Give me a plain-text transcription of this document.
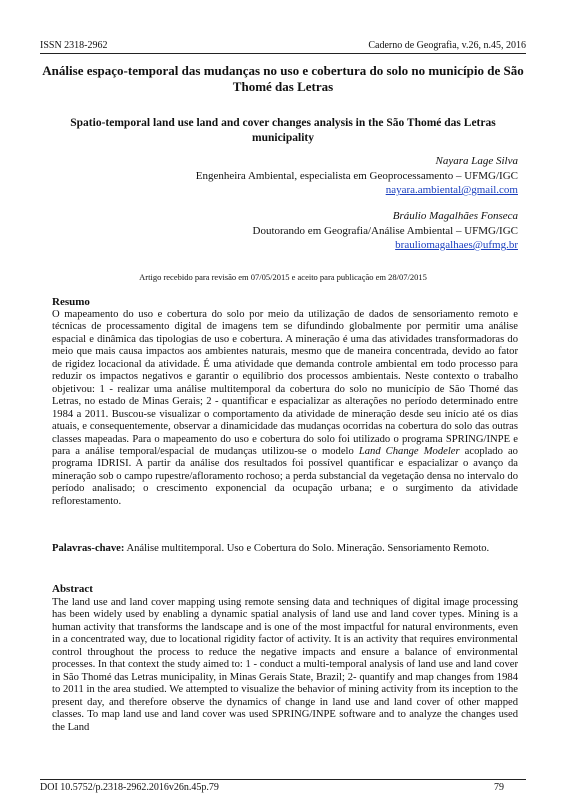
ISSN 2318-2962	Caderno de Geografia, v.26, n.45, 2016
Análise espaço-temporal das mudanças no uso e cobertura do solo no município de São Thomé das Letras
Spatio-temporal land use land and cover changes analysis in the São Thomé das Letras municipality
Nayara Lage Silva
Engenheira Ambiental, especialista em Geoprocessamento – UFMG/IGC
nayara.ambiental@gmail.com
Bráulio Magalhães Fonseca
Doutorando em Geografia/Análise Ambiental – UFMG/IGC
brauliomagalhaes@ufmg.br
Artigo recebido para revisão em 07/05/2015 e aceito para publicação em 28/07/2015
Resumo
O mapeamento do uso e cobertura do solo por meio da utilização de dados de sensoriamento remoto e técnicas de processamento digital de imagens tem se difundindo globalmente por permitir uma análise espacial e dinâmica das tipologias de uso e cobertura. A mineração é uma das atividades transformadoras do meio que mais causa impactos aos ambientes naturais, mesmo que de maneira concentrada, devido ao fator de rigidez locacional da atividade. É uma atividade que demanda controle ambiental em todo processo para reduzir os impactos negativos e garantir o equilíbrio dos processos ambientais. Neste contexto o trabalho objetivou: 1 - realizar uma análise multitemporal da cobertura do solo no município de São Thomé das Letras, no estado de Minas Gerais; 2 - quantificar e espacializar as alterações no período determinado entre 1984 a 2011. Buscou-se visualizar o comportamento da atividade de mineração desde seu início até os dias atuais, e consequentemente, observar a dinamicidade das mudanças ocorridas na cobertura do solo das outras classes mapeadas. Para o mapeamento do uso e cobertura do solo foi utilizado o programa SPRING/INPE e para a análise temporal/espacial de mudanças utilizou-se o modelo Land Change Modeler acoplado ao programa IDRISI. A partir da análise dos resultados foi possível quantificar e espacializar o avanço da mineração sob o campo rupestre/afloramento rochoso; a perda substancial da vegetação densa no intervalo do período analisado; o crescimento exponencial da ocupação urbana; e o surgimento da atividade reflorestamento.
Palavras-chave: Análise multitemporal. Uso e Cobertura do Solo. Mineração. Sensoriamento Remoto.
Abstract
The land use and land cover mapping using remote sensing data and techniques of digital image processing has been widely used by enabling a dynamic spatial analysis of land use and land cover types. Mining is a human activity that transforms the landscape and is one of the most impactful for natural environments, even in a concentrated way, due to locational rigidity factor of activity. It is an activity that requires environmental control throughout the process to reduce the negative impacts and ensure a balance of environmental processes. In that context the study aimed to: 1 - conduct a multi-temporal analysis of land use and land cover in São Thomé das Letras municipality, in Minas Gerais State, Brazil; 2- quantify and map changes from 1984 to 2011 in the area studied. We attempted to visualize the behavior of mining activity from its inception to the present day, and therefore observe the dynamics of change in land use and land cover of other mapped classes. To map land use and land cover was used SPRING/INPE software and to analyze the changes used the Land
DOI 10.5752/p.2318-2962.2016v26n.45p.79	79
